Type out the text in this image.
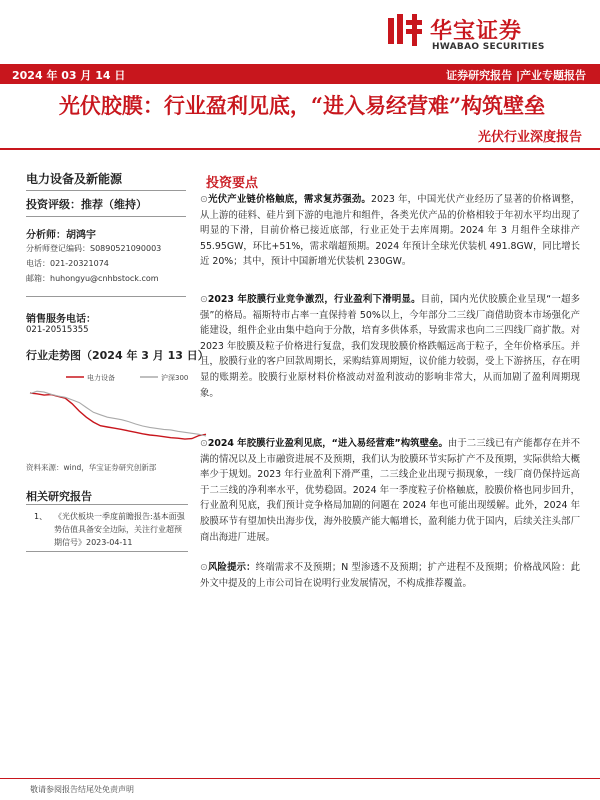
华宝证券
HWABAO SECURITIES
2024 年 03 月 14 日	证券研究报告 |产业专题报告
光伏胶膜：行业盈利见底，“进入易经营难”构筑壁垒
光伏行业深度报告
电力设备及新能源
投资评级：推荐（维持）
分析师：胡鸿宇
分析师登记编码：S0890521090003
电话：021-20321074
邮箱：huhongyu@cnhbstock.com
销售服务电话：
021-20515355
行业走势图（2024 年 3 月 13 日）
电力设备	沪深300
资料来源：wind，华宝证券研究创新部
相关研究报告
1、 《光伏板块一季度前瞻报告:基本面强势估值具备安全边际，关注行业超预期信号》2023-04-11
投资要点
⊙光伏产业链价格触底，需求复苏强劲。2023 年，中国光伏产业经历了显著的价格调整，从上游的硅料、硅片到下游的电池片和组件，各类光伏产品的价格相较于年初水平均出现了明显的下滑，目前价格已接近底部，行业正处于去库周期。2024 年 3 月组件全球排产 55.95GW，环比+51%，需求端超预期。2024 年预计全球光伏装机 491.8GW，同比增长近 20%；其中，预计中国新增光伏装机 230GW。
⊙2023 年胶膜行业竞争激烈，行业盈利下滑明显。目前，国内光伏胶膜企业呈现“一超多强”的格局。福斯特市占率一直保持着 50%以上，今年部分二三线厂商借助资本市场强化产能建设，组件企业由集中趋向于分散，培育多供体系，导致需求也向二三四线厂商扩散。对 2023 年胶膜及粒子价格进行复盘，我们发现胶膜价格跌幅远高于粒子，全年价格承压。并且，胶膜行业的客户回款周期长，采购结算周期短，议价能力较弱，受上下游挤压，存在明显的账期差。胶膜行业原材料价格波动对盈利波动的影响非常大，从而加剧了盈利周期现象。
⊙2024 年胶膜行业盈利见底，“进入易经营难”构筑壁垒。由于二三线已有产能都存在并不满的情况以及上市融资进展不及预期，我们认为胶膜环节实际扩产不及预期，实际供给大概率少于规划。2023 年行业盈利下滑严重，二三线企业出现亏损现象，一线厂商仍保持远高于二三线的净利率水平，优势稳固。2024 年一季度粒子价格触底，胶膜价格也同步回升，行业盈利见底，我们预计竞争格局加剧的问题在 2024 年也可能出现缓解。此外，2024 年胶膜环节有望加快出海步伐，海外胶膜产能大幅增长，盈利能力优于国内，后续关注头部厂商出海进厂进展。
⊙风险提示：终端需求不及预期；N 型渗透不及预期；扩产进程不及预期；价格战风险：此外文中提及的上市公司旨在说明行业发展情况，不构成推荐覆盖。
敬请参阅报告结尾处免责声明
